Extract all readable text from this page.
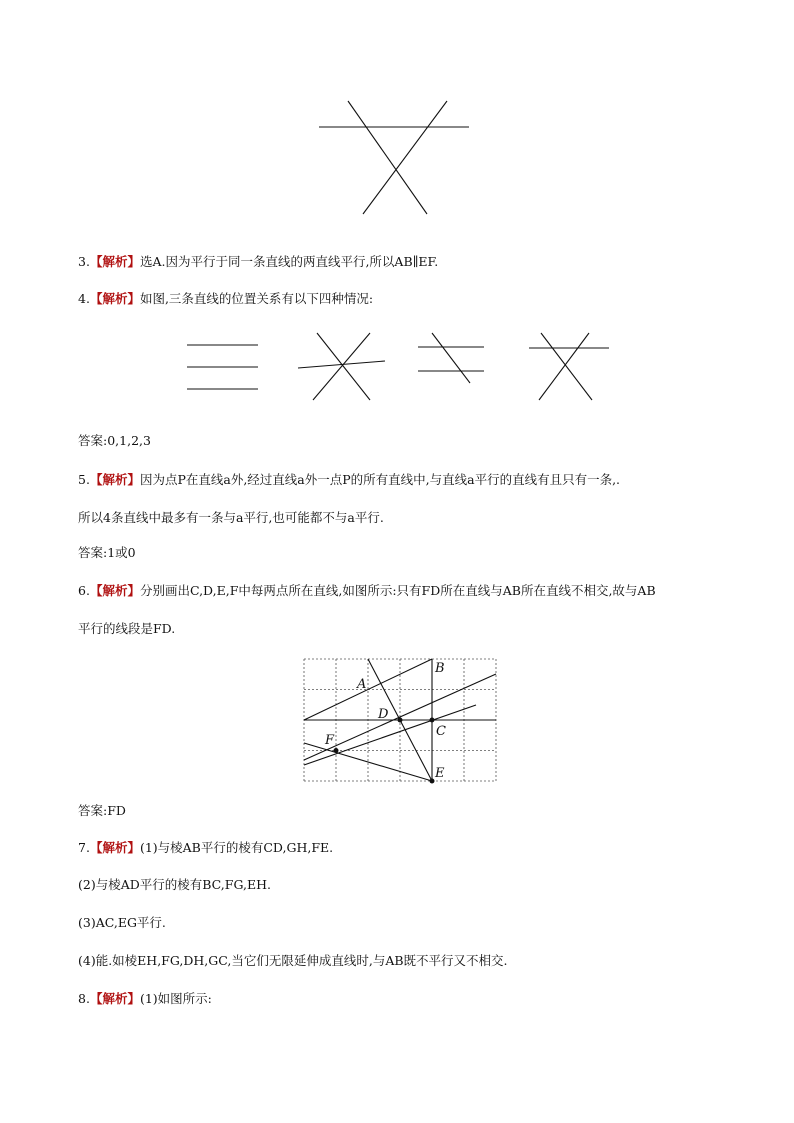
3.【解析】选A.因为平行于同一条直线的两直线平行,所以AB∥EF.
4.【解析】如图,三条直线的位置关系有以下四种情况:
答案:0,1,2,3
5.【解析】因为点P在直线a外,经过直线a外一点P的所有直线中,与直线a平行的直线有且只有一条,.
所以4条直线中最多有一条与a平行,也可能都不与a平行.
答案:1或0
6.【解析】分别画出C,D,E,F中每两点所在直线,如图所示:只有FD所在直线与AB所在直线不相交,故与AB
平行的线段是FD.
A
B
D
C
F
E
答案:FD
7.【解析】(1)与棱AB平行的棱有CD,GH,FE.
(2)与棱AD平行的棱有BC,FG,EH.
(3)AC,EG平行.
(4)能.如棱EH,FG,DH,GC,当它们无限延伸成直线时,与AB既不平行又不相交.
8.【解析】(1)如图所示:
